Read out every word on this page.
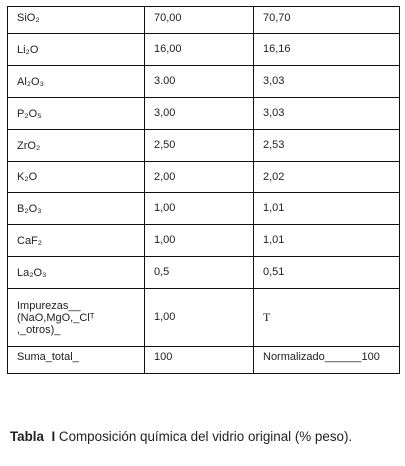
SiO₂	70,00	70,70
Li₂O	16,00	16,16
Al₂O₃	3.00	3,03
P₂O₅	3,00	3,03
ZrO₂	2,50	2,53
K₂O	2,00	2,02
B₂O₃	1,00	1,01
CaF₂	1,00	1,01
La₂O₃	0,5	0,51

Impurezas__
(NaO,MgO,_Clᵀ
,_otros)_	1,00	T
Suma_total_	100	Normalizado______100
Tabla I Composición química del vidrio original (% peso).
